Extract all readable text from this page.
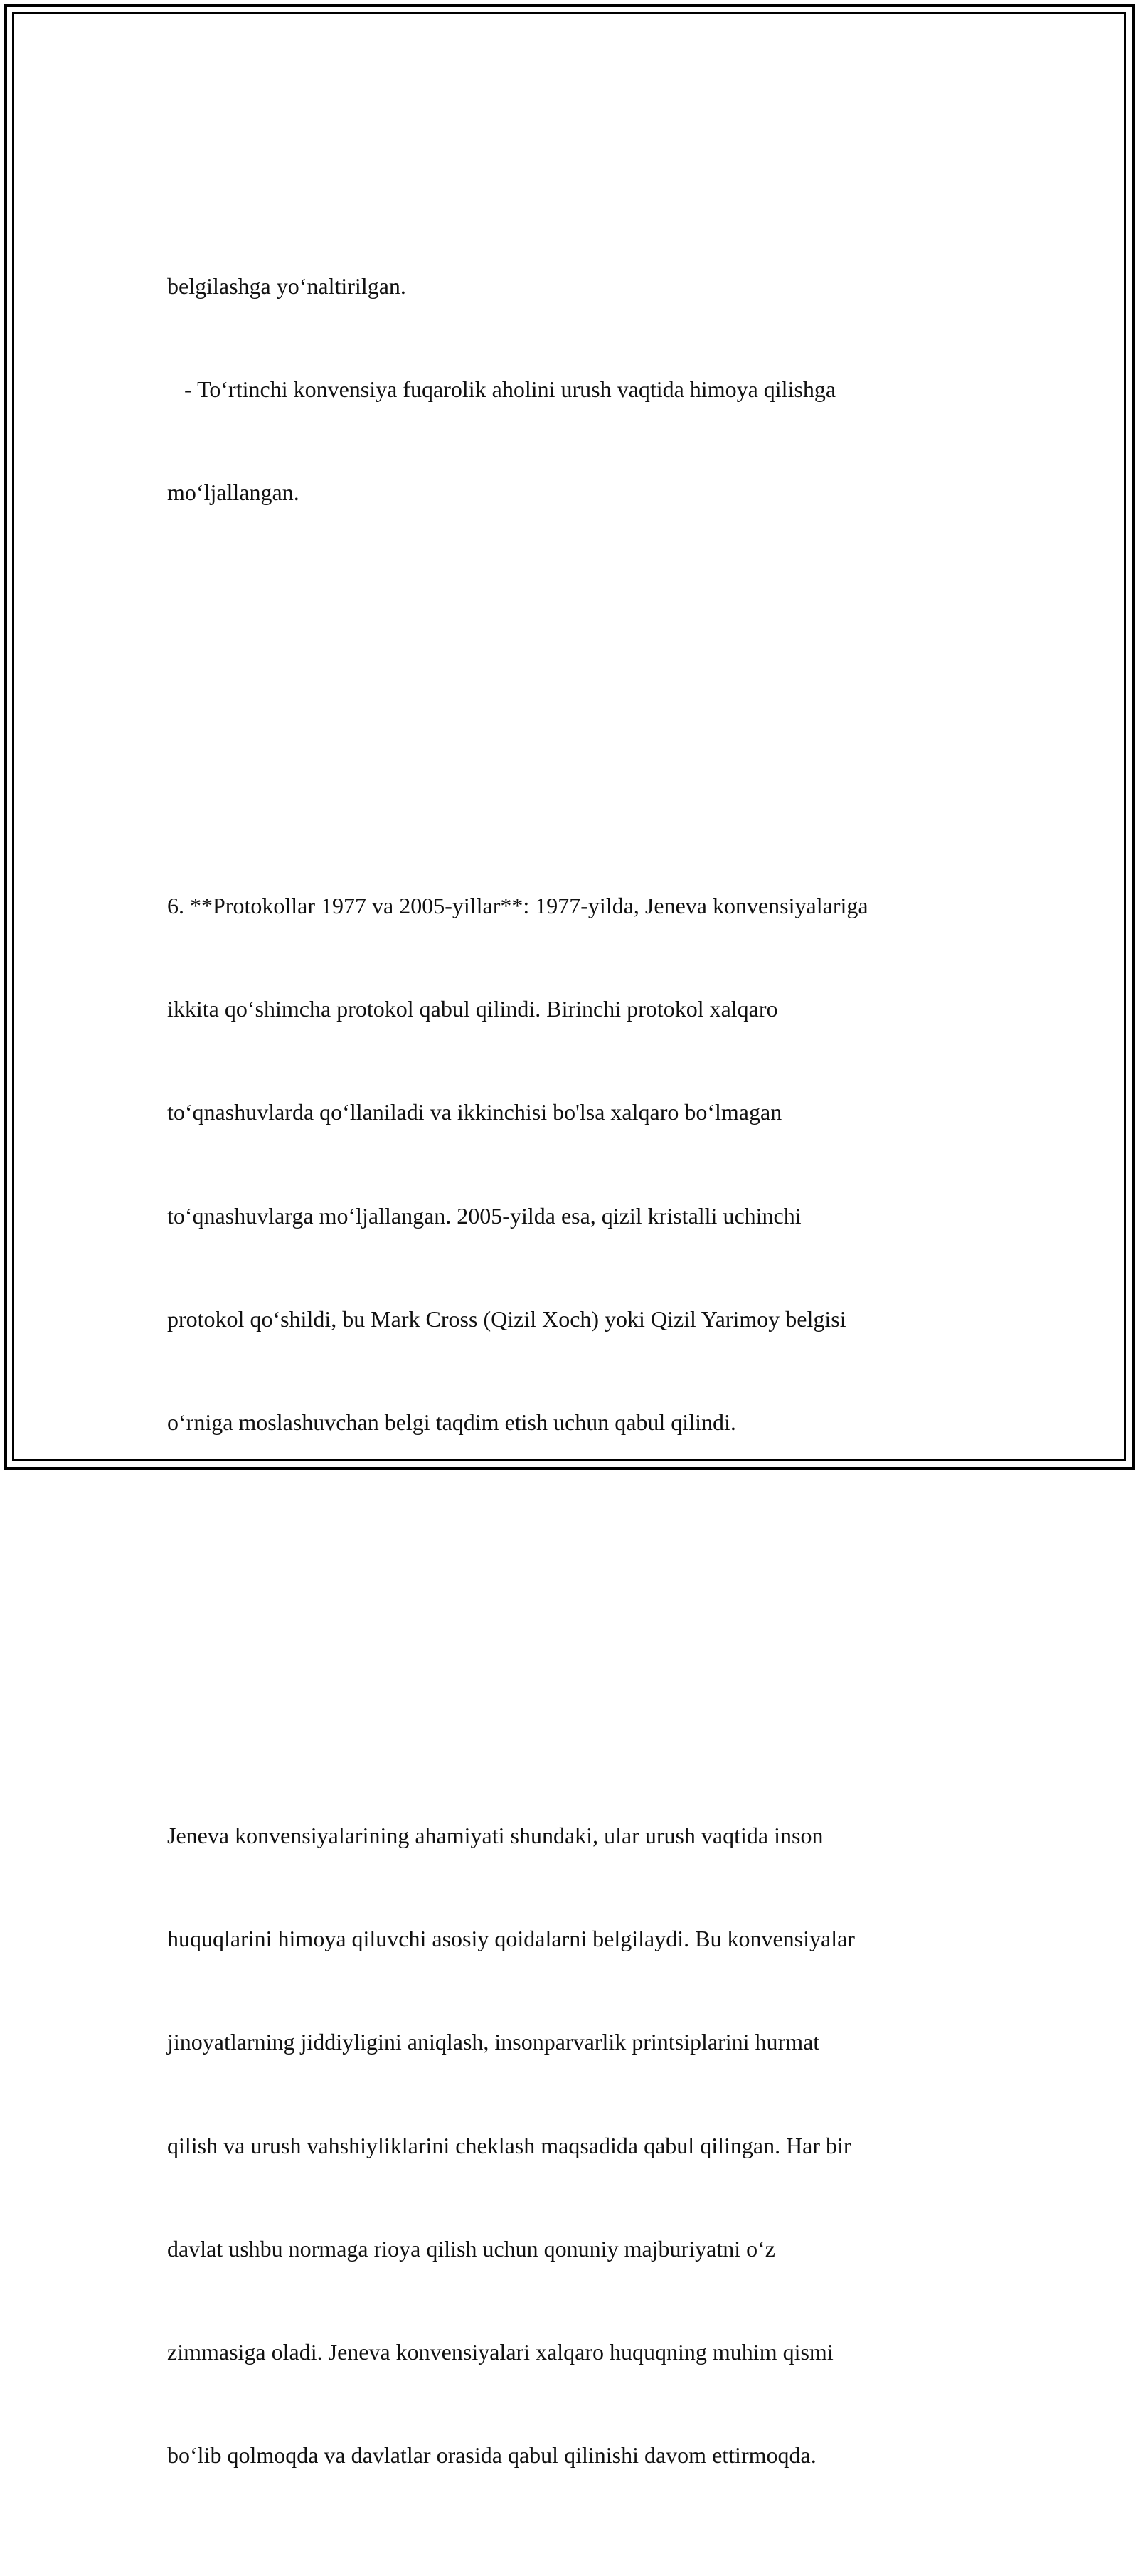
belgilashga yo‘naltirilgan.

- To‘rtinchi konvensiya fuqarolik aholini urush vaqtida himoya qilishga

mo‘ljallangan.

6. **Protokollar 1977 va 2005-yillar**: 1977-yilda, Jeneva konvensiyalariga

ikkita qo‘shimcha protokol qabul qilindi. Birinchi protokol xalqaro

to‘qnashuvlarda qo‘llaniladi va ikkinchisi bo'lsa xalqaro bo‘lmagan

to‘qnashuvlarga mo‘ljallangan. 2005-yilda esa, qizil kristalli uchinchi

protokol qo‘shildi, bu Mark Cross (Qizil Xoch) yoki Qizil Yarimoy belgisi

o‘rniga moslashuvchan belgi taqdim etish uchun qabul qilindi.

Jeneva konvensiyalarining ahamiyati shundaki, ular urush vaqtida inson

huquqlarini himoya qiluvchi asosiy qoidalarni belgilaydi. Bu konvensiyalar

jinoyatlarning jiddiyligini aniqlash, insonparvarlik printsiplarini hurmat

qilish va urush vahshiyliklarini cheklash maqsadida qabul qilingan. Har bir

davlat ushbu normaga rioya qilish uchun qonuniy majburiyatni o‘z

zimmasiga oladi. Jeneva konvensiyalari xalqaro huquqning muhim qismi

bo‘lib qolmoqda va davlatlar orasida qabul qilinishi davom ettirmoqda.
